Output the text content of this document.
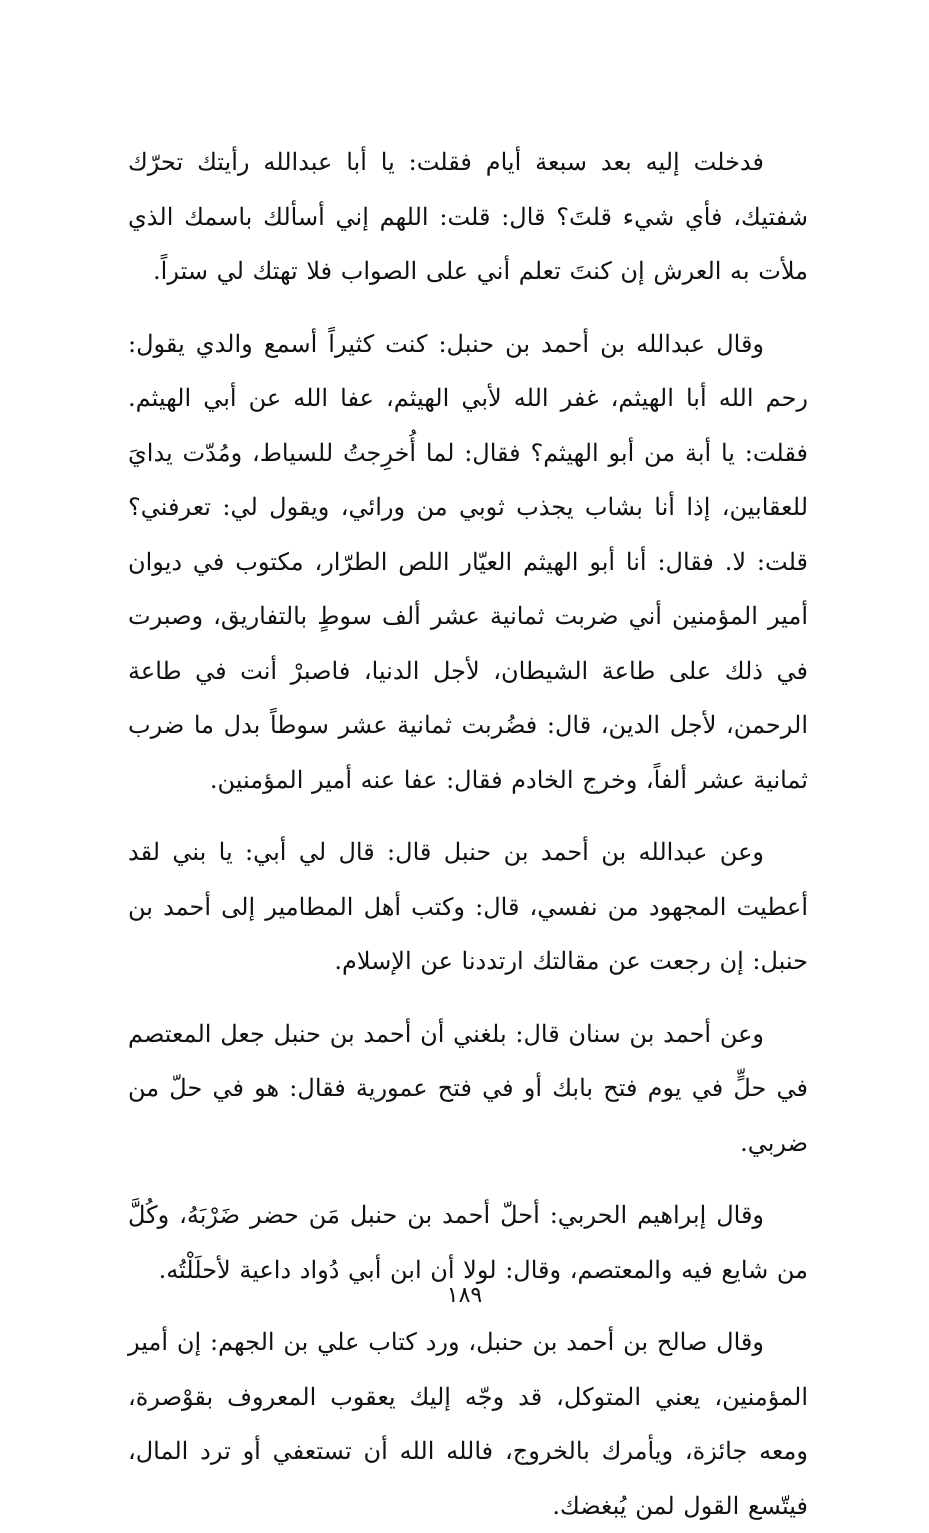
فدخلت إليه بعد سبعة أيام فقلت: يا أبا عبدالله رأيتك تحرّك شفتيك، فأي شيء قلتَ؟ قال: قلت: اللهم إني أسألك باسمك الذي ملأت به العرش إن كنتَ تعلم أني على الصواب فلا تهتك لي ستراً.

وقال عبدالله بن أحمد بن حنبل: كنت كثيراً أسمع والدي يقول: رحم الله أبا الهيثم، غفر الله لأبي الهيثم، عفا الله عن أبي الهيثم. فقلت: يا أبة من أبو الهيثم؟ فقال: لما أُخرِجتُ للسياط، ومُدّت يدايَ للعقابين، إذا أنا بشاب يجذب ثوبي من ورائي، ويقول لي: تعرفني؟ قلت: لا. فقال: أنا أبو الهيثم العيّار اللص الطرّار، مكتوب في ديوان أمير المؤمنين أني ضربت ثمانية عشر ألف سوطٍ بالتفاريق، وصبرت في ذلك على طاعة الشيطان، لأجل الدنيا، فاصبرْ أنت في طاعة الرحمن، لأجل الدين، قال: فضُربت ثمانية عشر سوطاً بدل ما ضرب ثمانية عشر ألفاً، وخرج الخادم فقال: عفا عنه أمير المؤمنين.

وعن عبدالله بن أحمد بن حنبل قال: قال لي أبي: يا بني لقد أعطيت المجهود من نفسي، قال: وكتب أهل المطامير إلى أحمد بن حنبل: إن رجعت عن مقالتك ارتددنا عن الإسلام.

وعن أحمد بن سنان قال: بلغني أن أحمد بن حنبل جعل المعتصم في حلٍّ في يوم فتح بابك أو في فتح عمورية فقال: هو في حلّ من ضربي.

وقال إبراهيم الحربي: أحلّ أحمد بن حنبل مَن حضر ضَرْبَهُ، وكُلَّ من شايع فيه والمعتصم، وقال: لولا أن ابن أبي دُواد داعية لأحلَلْتُه.

وقال صالح بن أحمد بن حنبل، ورد كتاب علي بن الجهم: إن أمير المؤمنين، يعني المتوكل، قد وجّه إليك يعقوب المعروف بقوْصرة، ومعه جائزة، ويأمرك بالخروج، فالله الله أن تستعفي أو ترد المال، فيتّسع القول لمن يُبغضك.

١٨٩
